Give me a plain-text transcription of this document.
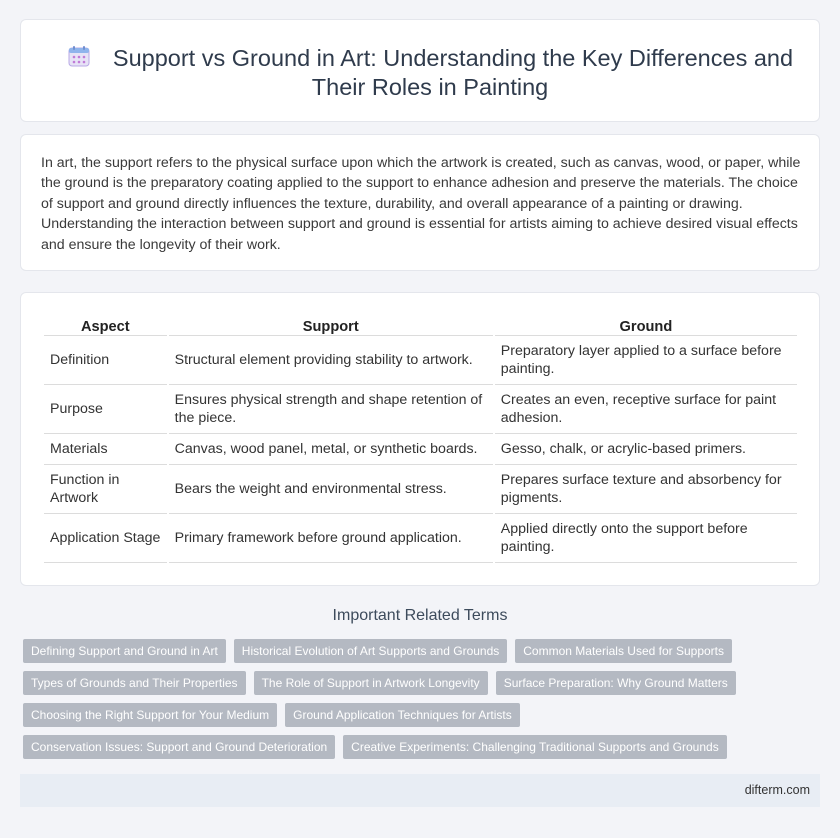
Support vs Ground in Art: Understanding the Key Differences and Their Roles in Painting

In art, the support refers to the physical surface upon which the artwork is created, such as canvas, wood, or paper, while the ground is the preparatory coating applied to the support to enhance adhesion and preserve the materials. The choice of support and ground directly influences the texture, durability, and overall appearance of a painting or drawing. Understanding the interaction between support and ground is essential for artists aiming to achieve desired visual effects and ensure the longevity of their work.

Aspect	Support	Ground
Definition	Structural element providing stability to artwork.	Preparatory layer applied to a surface before painting.
Purpose	Ensures physical strength and shape retention of the piece.	Creates an even, receptive surface for paint adhesion.
Materials	Canvas, wood panel, metal, or synthetic boards.	Gesso, chalk, or acrylic-based primers.
Function in Artwork	Bears the weight and environmental stress.	Prepares surface texture and absorbency for pigments.
Application Stage	Primary framework before ground application.	Applied directly onto the support before painting.
Important Related Terms
Defining Support and Ground in Art	Historical Evolution of Art Supports and Grounds	Common Materials Used for Supports
Types of Grounds and Their Properties	The Role of Support in Artwork Longevity	Surface Preparation: Why Ground Matters
Choosing the Right Support for Your Medium	Ground Application Techniques for Artists
Conservation Issues: Support and Ground Deterioration	Creative Experiments: Challenging Traditional Supports and Grounds
difterm.com
